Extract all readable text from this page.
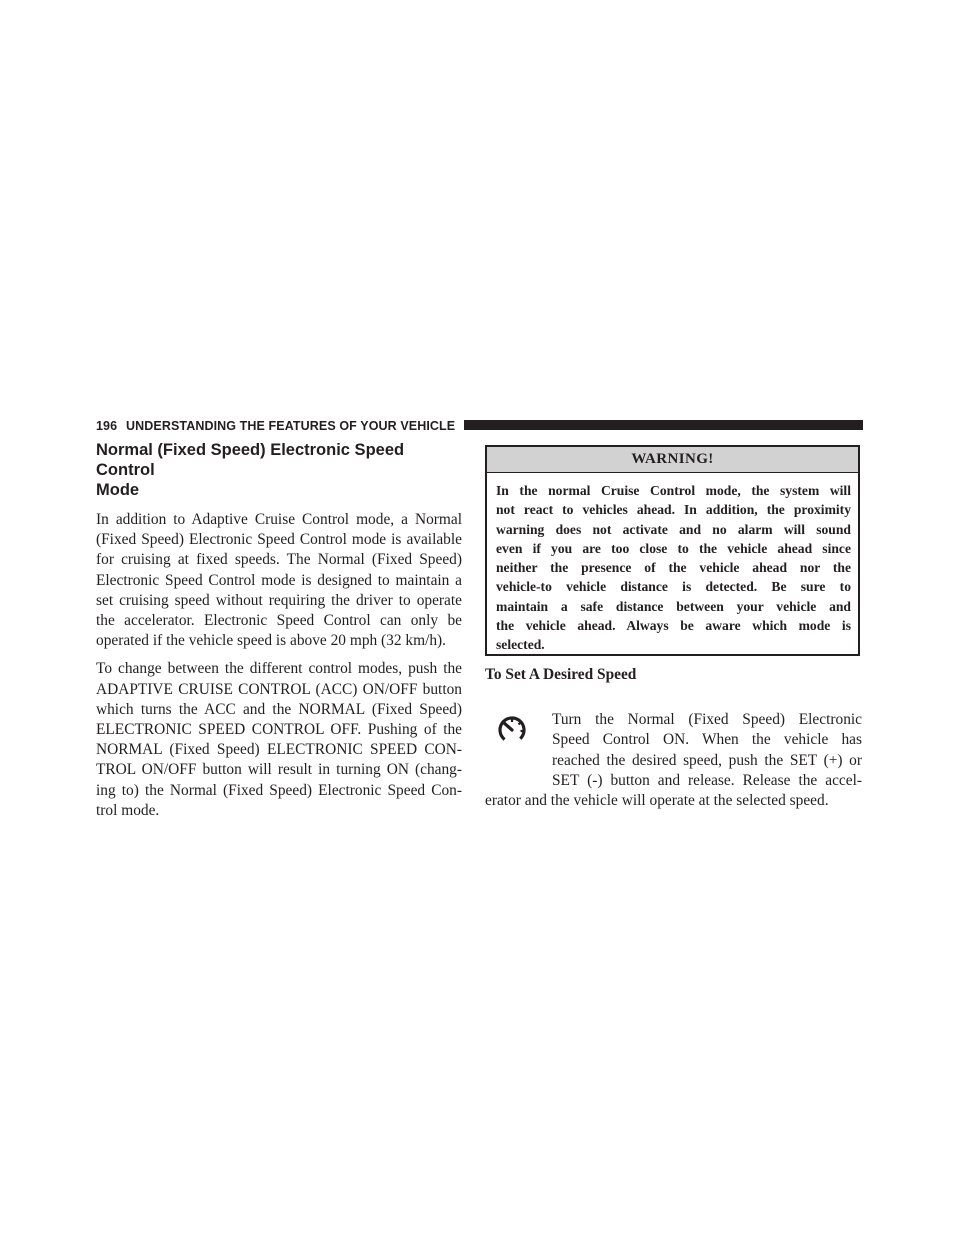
196 UNDERSTANDING THE FEATURES OF YOUR VEHICLE
Normal (Fixed Speed) Electronic Speed Control
Mode
In addition to Adaptive Cruise Control mode, a Normal
(Fixed Speed) Electronic Speed Control mode is available
for cruising at fixed speeds. The Normal (Fixed Speed)
Electronic Speed Control mode is designed to maintain a
set cruising speed without requiring the driver to operate
the accelerator. Electronic Speed Control can only be
operated if the vehicle speed is above 20 mph (32 km/h).
To change between the different control modes, push the
ADAPTIVE CRUISE CONTROL (ACC) ON/OFF button
which turns the ACC and the NORMAL (Fixed Speed)
ELECTRONIC SPEED CONTROL OFF. Pushing of the
NORMAL (Fixed Speed) ELECTRONIC SPEED CON-
TROL ON/OFF button will result in turning ON (chang-
ing to) the Normal (Fixed Speed) Electronic Speed Con-
trol mode.
WARNING!
In the normal Cruise Control mode, the system will
not react to vehicles ahead. In addition, the proximity
warning does not activate and no alarm will sound
even if you are too close to the vehicle ahead since
neither the presence of the vehicle ahead nor the
vehicle-to vehicle distance is detected. Be sure to
maintain a safe distance between your vehicle and
the vehicle ahead. Always be aware which mode is
selected.
To Set A Desired Speed
Turn the Normal (Fixed Speed) Electronic
Speed Control ON. When the vehicle has
reached the desired speed, push the SET (+) or
SET (-) button and release. Release the accel-
erator and the vehicle will operate at the selected speed.
